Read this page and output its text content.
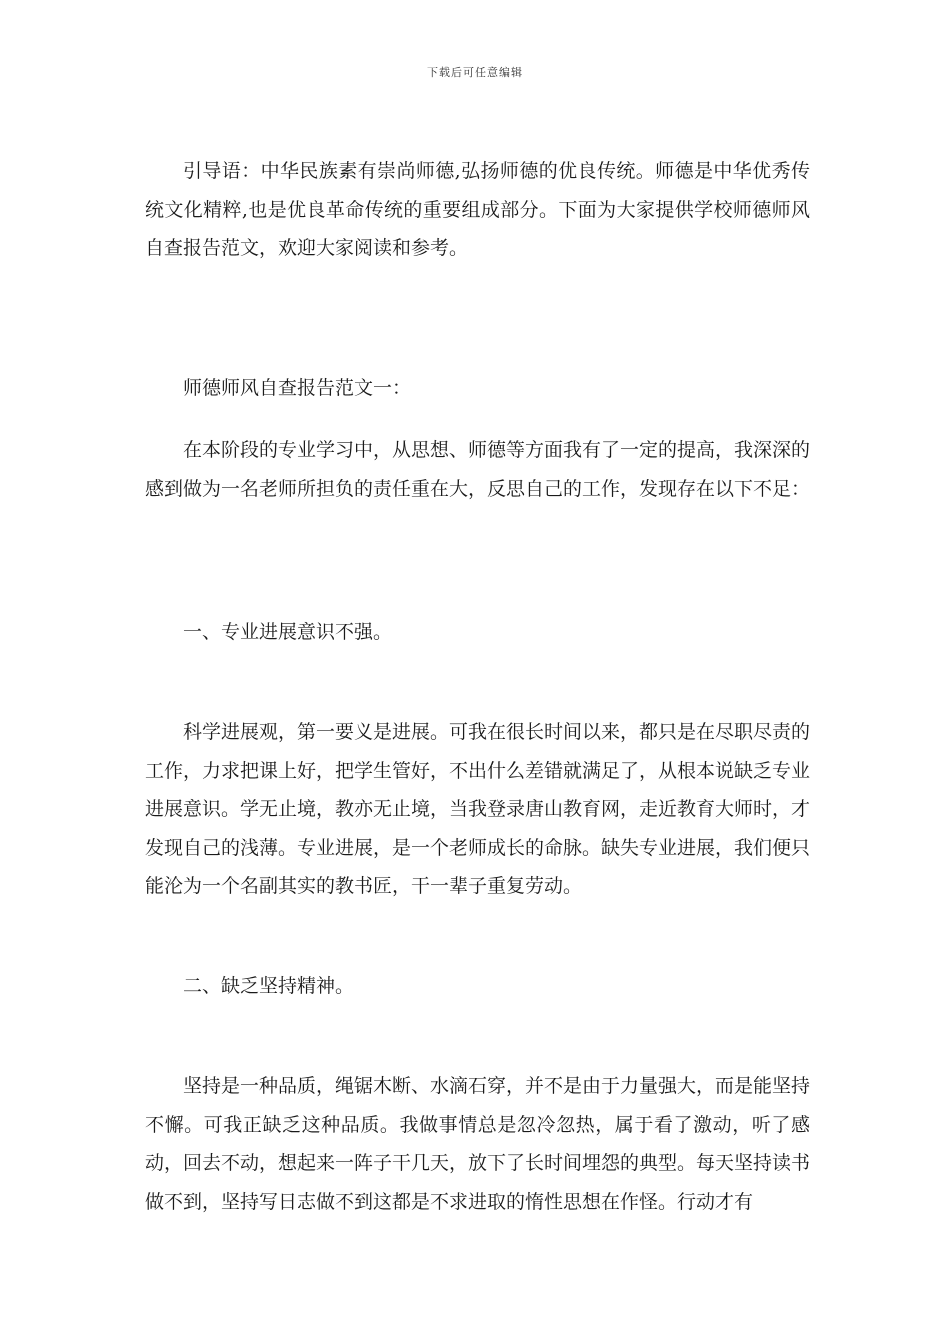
下载后可任意编辑

引导语：中华民族素有崇尚师德,弘扬师德的优良传统。师德是中华优秀传统文化精粹,也是优良革命传统的重要组成部分。下面为大家提供学校师德师风自查报告范文，欢迎大家阅读和参考。

师德师风自查报告范文一：

在本阶段的专业学习中，从思想、师德等方面我有了一定的提高，我深深的感到做为一名老师所担负的责任重在大，反思自己的工作，发现存在以下不足：

一、专业进展意识不强。

科学进展观，第一要义是进展。可我在很长时间以来，都只是在尽职尽责的工作，力求把课上好，把学生管好，不出什么差错就满足了，从根本说缺乏专业进展意识。学无止境，教亦无止境，当我登录唐山教育网，走近教育大师时，才发现自己的浅薄。专业进展，是一个老师成长的命脉。缺失专业进展，我们便只能沦为一个名副其实的教书匠，干一辈子重复劳动。

二、缺乏坚持精神。

坚持是一种品质，绳锯木断、水滴石穿，并不是由于力量强大，而是能坚持不懈。可我正缺乏这种品质。我做事情总是忽冷忽热，属于看了激动，听了感动，回去不动，想起来一阵子干几天，放下了长时间埋怨的典型。每天坚持读书做不到，坚持写日志做不到这都是不求进取的惰性思想在作怪。行动才有
